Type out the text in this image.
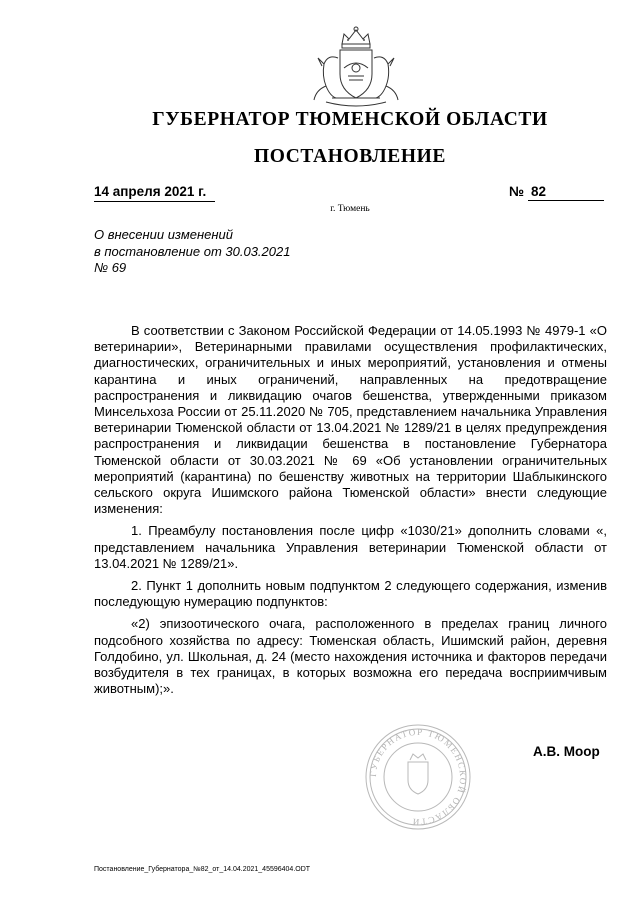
ГУБЕРНАТОР ТЮМЕНСКОЙ ОБЛАСТИ
ПОСТАНОВЛЕНИЕ
14 апреля 2021 г.	№ 82
г. Тюмень
О внесении изменений
в постановление от 30.03.2021
№ 69

В соответствии с Законом Российской Федерации от 14.05.1993 № 4979-1 «О ветеринарии», Ветеринарными правилами осуществления профилактических, диагностических, ограничительных и иных мероприятий, установления и отмены карантина и иных ограничений, направленных на предотвращение распространения и ликвидацию очагов бешенства, утвержденными приказом Минсельхоза России от 25.11.2020 № 705, представлением начальника Управления ветеринарии Тюменской области от 13.04.2021 № 1289/21 в целях предупреждения распространения и ликвидации бешенства в постановление Губернатора Тюменской области от 30.03.2021 № 69 «Об установлении ограничительных мероприятий (карантина) по бешенству животных на территории Шаблыкинского сельского округа Ишимского района Тюменской области» внести следующие изменения:

1. Преамбулу постановления после цифр «1030/21» дополнить словами «, представлением начальника Управления ветеринарии Тюменской области от 13.04.2021 № 1289/21».

2. Пункт 1 дополнить новым подпунктом 2 следующего содержания, изменив последующую нумерацию подпунктов:

«2) эпизоотического очага, расположенного в пределах границ личного подсобного хозяйства по адресу: Тюменская область, Ишимский район, деревня Голдобино, ул. Школьная, д. 24 (место нахождения источника и факторов передачи возбудителя в тех границах, в которых возможна его передача восприимчивым животным);».

ГУБЕРНАТОР ТЮМЕНСКОЙ ОБЛАСТИ
А.В. Моор
Постановление_Губернатора_№82_от_14.04.2021_45596404.ODT
